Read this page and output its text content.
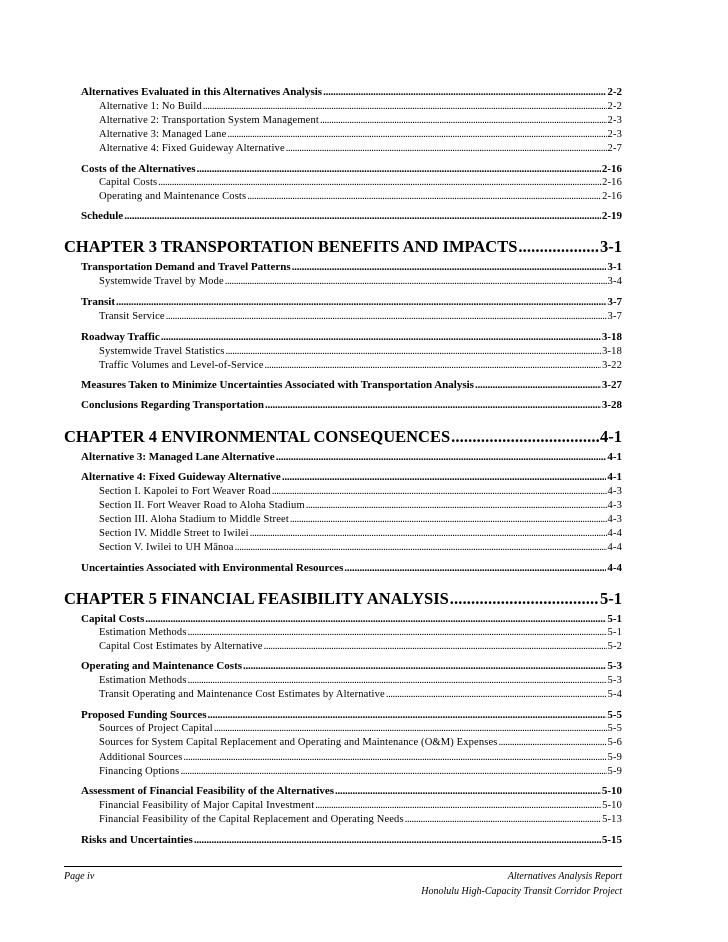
Alternatives Evaluated in this Alternatives Analysis . . .	2-2
Alternative 1: No Build . . .	2-2
Alternative 2: Transportation System Management . . .	2-3
Alternative 3: Managed Lane . . .	2-3
Alternative 4: Fixed Guideway Alternative . . .	2-7
Costs of the Alternatives . . .	2-16
Capital Costs . . .	2-16
Operating and Maintenance Costs . . .	2-16
Schedule . . .	2-19
CHAPTER 3 TRANSPORTATION BENEFITS AND IMPACTS . . .	3-1
Transportation Demand and Travel Patterns . . .	3-1
Systemwide Travel by Mode . . .	3-4
Transit . . .	3-7
Transit Service . . .	3-7
Roadway Traffic . . .	3-18
Systemwide Travel Statistics . . .	3-18
Traffic Volumes and Level-of-Service . . .	3-22
Measures Taken to Minimize Uncertainties Associated with Transportation Analysis . . .	3-27
Conclusions Regarding Transportation . . .	3-28
CHAPTER 4 ENVIRONMENTAL CONSEQUENCES . . .	4-1
Alternative 3: Managed Lane Alternative . . .	4-1
Alternative 4: Fixed Guideway Alternative . . .	4-1
Section I. Kapolei to Fort Weaver Road . . .	4-3
Section II. Fort Weaver Road to Aloha Stadium . . .	4-3
Section III. Aloha Stadium to Middle Street . . .	4-3
Section IV. Middle Street to Iwilei . . .	4-4
Section V. Iwilei to UH Mānoa . . .	4-4
Uncertainties Associated with Environmental Resources . . .	4-4
CHAPTER 5 FINANCIAL FEASIBILITY ANALYSIS . . .	5-1
Capital Costs . . .	5-1
Estimation Methods . . .	5-1
Capital Cost Estimates by Alternative . . .	5-2
Operating and Maintenance Costs . . .	5-3
Estimation Methods . . .	5-3
Transit Operating and Maintenance Cost Estimates by Alternative . . .	5-4
Proposed Funding Sources . . .	5-5
Sources of Project Capital . . .	5-5
Sources for System Capital Replacement and Operating and Maintenance (O&M) Expenses . . .	5-6
Additional Sources . . .	5-9
Financing Options . . .	5-9
Assessment of Financial Feasibility of the Alternatives . . .	5-10
Financial Feasibility of Major Capital Investment . . .	5-10
Financial Feasibility of the Capital Replacement and Operating Needs . . .	5-13
Risks and Uncertainties . . .	5-15
Page iv	Alternatives Analysis Report
Honolulu High-Capacity Transit Corridor Project
